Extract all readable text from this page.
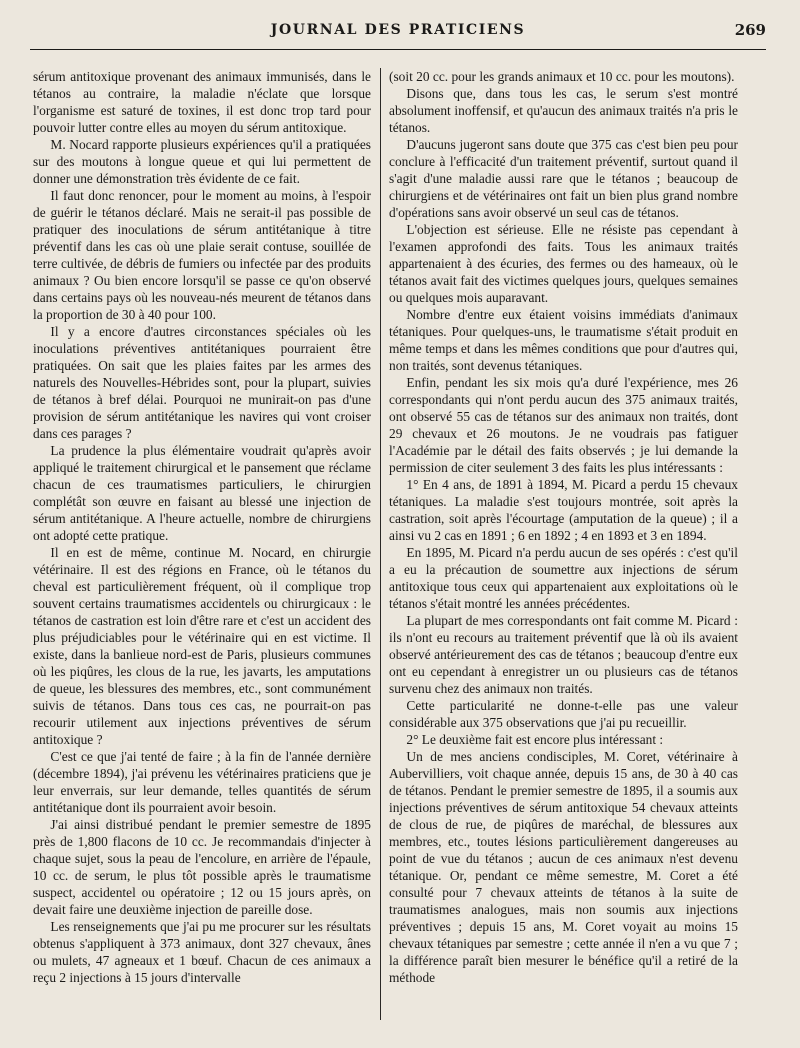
JOURNAL DES PRATICIENS	269

sérum antitoxique provenant des animaux immunisés, dans le tétanos au contraire, la maladie n'éclate que lorsque l'organisme est saturé de toxines, il est donc trop tard pour pouvoir lutter contre elles au moyen du sérum antitoxique.

M. Nocard rapporte plusieurs expériences qu'il a pratiquées sur des moutons à longue queue et qui lui permettent de donner une démonstration très évidente de ce fait.

Il faut donc renoncer, pour le moment au moins, à l'espoir de guérir le tétanos déclaré. Mais ne serait-il pas possible de pratiquer des inoculations de sérum antitétanique à titre préventif dans les cas où une plaie serait contuse, souillée de terre cultivée, de débris de fumiers ou infectée par des produits animaux ? Ou bien encore lorsqu'il se passe ce qu'on observé dans certains pays où les nouveau-nés meurent de tétanos dans la proportion de 30 à 40 pour 100.

Il y a encore d'autres circonstances spéciales où les inoculations préventives antitétaniques pourraient être pratiquées. On sait que les plaies faites par les armes des naturels des Nouvelles-Hébrides sont, pour la plupart, suivies de tétanos à bref délai. Pourquoi ne munirait-on pas d'une provision de sérum antitétanique les navires qui vont croiser dans ces parages ?

La prudence la plus élémentaire voudrait qu'après avoir appliqué le traitement chirurgical et le pansement que réclame chacun de ces traumatismes particuliers, le chirurgien complétât son œuvre en faisant au blessé une injection de sérum antitétanique. A l'heure actuelle, nombre de chirurgiens ont adopté cette pratique.

Il en est de même, continue M. Nocard, en chirurgie vétérinaire. Il est des régions en France, où le tétanos du cheval est particulièrement fréquent, où il complique trop souvent certains traumatismes accidentels ou chirurgicaux : le tétanos de castration est loin d'être rare et c'est un accident des plus préjudiciables pour le vétérinaire qui en est victime. Il existe, dans la banlieue nord-est de Paris, plusieurs communes où les piqûres, les clous de la rue, les javarts, les amputations de queue, les blessures des membres, etc., sont communément suivis de tétanos. Dans tous ces cas, ne pourrait-on pas recourir utilement aux injections préventives de sérum antitoxique ?

C'est ce que j'ai tenté de faire ; à la fin de l'année dernière (décembre 1894), j'ai prévenu les vétérinaires praticiens que je leur enverrais, sur leur demande, telles quantités de sérum antitétanique dont ils pourraient avoir besoin.

J'ai ainsi distribué pendant le premier semestre de 1895 près de 1,800 flacons de 10 cc. Je recommandais d'injecter à chaque sujet, sous la peau de l'encolure, en arrière de l'épaule, 10 cc. de serum, le plus tôt possible après le traumatisme suspect, accidentel ou opératoire ; 12 ou 15 jours après, on devait faire une deuxième injection de pareille dose.

Les renseignements que j'ai pu me procurer sur les résultats obtenus s'appliquent à 373 animaux, dont 327 chevaux, ânes ou mulets, 47 agneaux et 1 bœuf. Chacun de ces animaux a reçu 2 injections à 15 jours d'intervalle

(soit 20 cc. pour les grands animaux et 10 cc. pour les moutons).

Disons que, dans tous les cas, le serum s'est montré absolument inoffensif, et qu'aucun des animaux traités n'a pris le tétanos.

D'aucuns jugeront sans doute que 375 cas c'est bien peu pour conclure à l'efficacité d'un traitement préventif, surtout quand il s'agit d'une maladie aussi rare que le tétanos ; beaucoup de chirurgiens et de vétérinaires ont fait un bien plus grand nombre d'opérations sans avoir observé un seul cas de tétanos.

L'objection est sérieuse. Elle ne résiste pas cependant à l'examen approfondi des faits. Tous les animaux traités appartenaient à des écuries, des fermes ou des hameaux, où le tétanos avait fait des victimes quelques jours, quelques semaines ou quelques mois auparavant.

Nombre d'entre eux étaient voisins immédiats d'animaux tétaniques. Pour quelques-uns, le traumatisme s'était produit en même temps et dans les mêmes conditions que pour d'autres qui, non traités, sont devenus tétaniques.

Enfin, pendant les six mois qu'a duré l'expérience, mes 26 correspondants qui n'ont perdu aucun des 375 animaux traités, ont observé 55 cas de tétanos sur des animaux non traités, dont 29 chevaux et 26 moutons. Je ne voudrais pas fatiguer l'Académie par le détail des faits observés ; je lui demande la permission de citer seulement 3 des faits les plus intéressants :

1° En 4 ans, de 1891 à 1894, M. Picard a perdu 15 chevaux tétaniques. La maladie s'est toujours montrée, soit après la castration, soit après l'écourtage (amputation de la queue) ; il a ainsi vu 2 cas en 1891 ; 6 en 1892 ; 4 en 1893 et 3 en 1894.

En 1895, M. Picard n'a perdu aucun de ses opérés : c'est qu'il a eu la précaution de soumettre aux injections de sérum antitoxique tous ceux qui appartenaient aux exploitations où le tétanos s'était montré les années précédentes.

La plupart de mes correspondants ont fait comme M. Picard : ils n'ont eu recours au traitement préventif que là où ils avaient observé antérieurement des cas de tétanos ; beaucoup d'entre eux ont eu cependant à enregistrer un ou plusieurs cas de tétanos survenu chez des animaux non traités.

Cette particularité ne donne-t-elle pas une valeur considérable aux 375 observations que j'ai pu recueillir.

2° Le deuxième fait est encore plus intéressant :

Un de mes anciens condisciples, M. Coret, vétérinaire à Aubervilliers, voit chaque année, depuis 15 ans, de 30 à 40 cas de tétanos. Pendant le premier semestre de 1895, il a soumis aux injections préventives de sérum antitoxique 54 chevaux atteints de clous de rue, de piqûres de maréchal, de blessures aux membres, etc., toutes lésions particulièrement dangereuses au point de vue du tétanos ; aucun de ces animaux n'est devenu tétanique. Or, pendant ce même semestre, M. Coret a été consulté pour 7 chevaux atteints de tétanos à la suite de traumatismes analogues, mais non soumis aux injections préventives ; depuis 15 ans, M. Coret voyait au moins 15 chevaux tétaniques par semestre ; cette année il n'en a vu que 7 ; la différence paraît bien mesurer le bénéfice qu'il a retiré de la méthode
